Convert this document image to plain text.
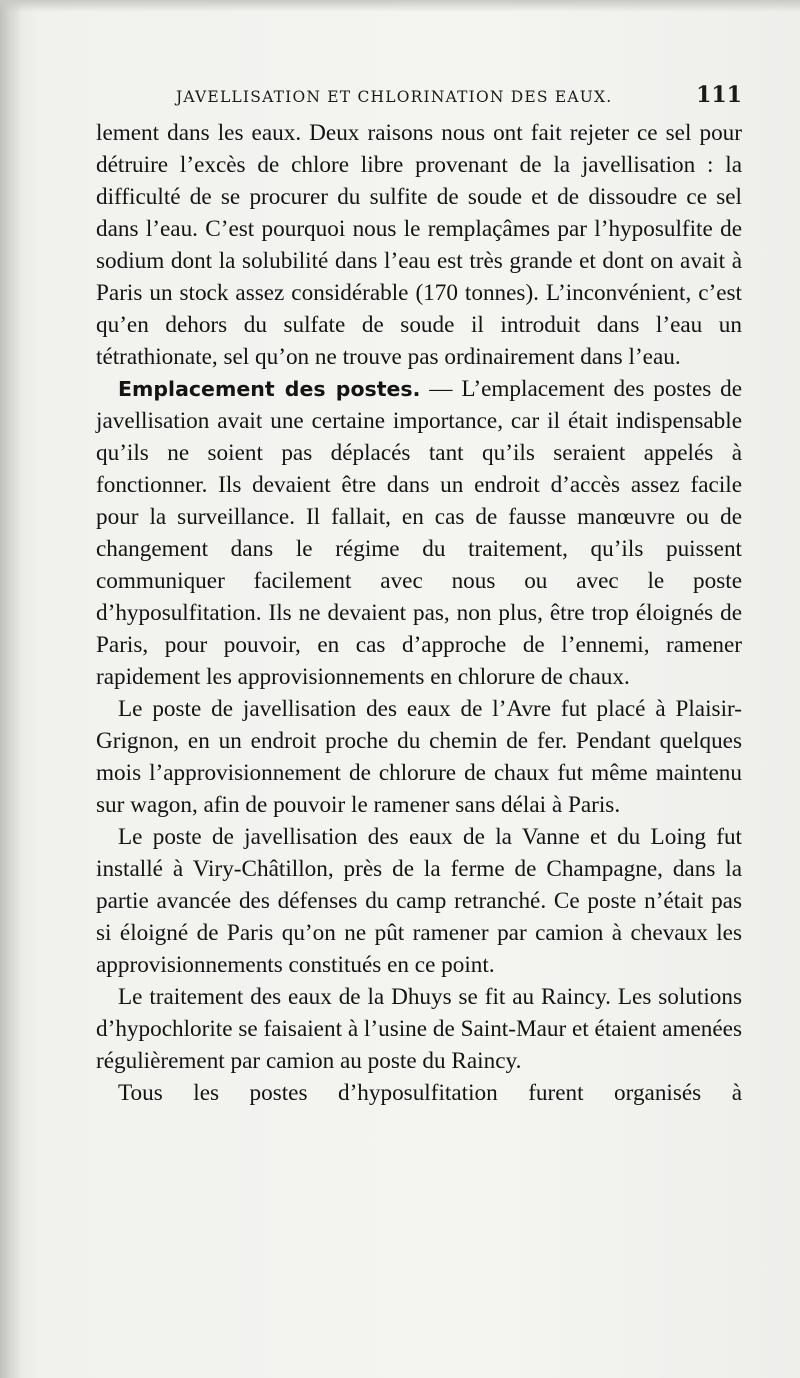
JAVELLISATION ET CHLORINATION DES EAUX.	111

lement dans les eaux. Deux raisons nous ont fait rejeter ce sel pour détruire l’excès de chlore libre provenant de la javellisation : la difficulté de se procurer du sulfite de soude et de dissoudre ce sel dans l’eau. C’est pourquoi nous le remplaçâmes par l’hyposulfite de sodium dont la solubilité dans l’eau est très grande et dont on avait à Paris un stock assez considérable (170 tonnes). L’inconvénient, c’est qu’en dehors du sulfate de soude il introduit dans l’eau un tétrathionate, sel qu’on ne trouve pas ordinairement dans l’eau.

Emplacement des postes. — L’emplacement des postes de javellisation avait une certaine importance, car il était indispensable qu’ils ne soient pas déplacés tant qu’ils seraient appelés à fonctionner. Ils devaient être dans un endroit d’accès assez facile pour la surveillance. Il fallait, en cas de fausse manœuvre ou de changement dans le régime du traitement, qu’ils puissent communiquer facilement avec nous ou avec le poste d’hyposulfitation. Ils ne devaient pas, non plus, être trop éloignés de Paris, pour pouvoir, en cas d’approche de l’ennemi, ramener rapidement les approvisionnements en chlorure de chaux.

Le poste de javellisation des eaux de l’Avre fut placé à Plaisir-Grignon, en un endroit proche du chemin de fer. Pendant quelques mois l’approvisionnement de chlorure de chaux fut même maintenu sur wagon, afin de pouvoir le ramener sans délai à Paris.

Le poste de javellisation des eaux de la Vanne et du Loing fut installé à Viry-Châtillon, près de la ferme de Champagne, dans la partie avancée des défenses du camp retranché. Ce poste n’était pas si éloigné de Paris qu’on ne pût ramener par camion à chevaux les approvisionnements constitués en ce point.

Le traitement des eaux de la Dhuys se fit au Raincy. Les solutions d’hypochlorite se faisaient à l’usine de Saint-Maur et étaient amenées régulièrement par camion au poste du Raincy.

Tous les postes d’hyposulfitation furent organisés à
